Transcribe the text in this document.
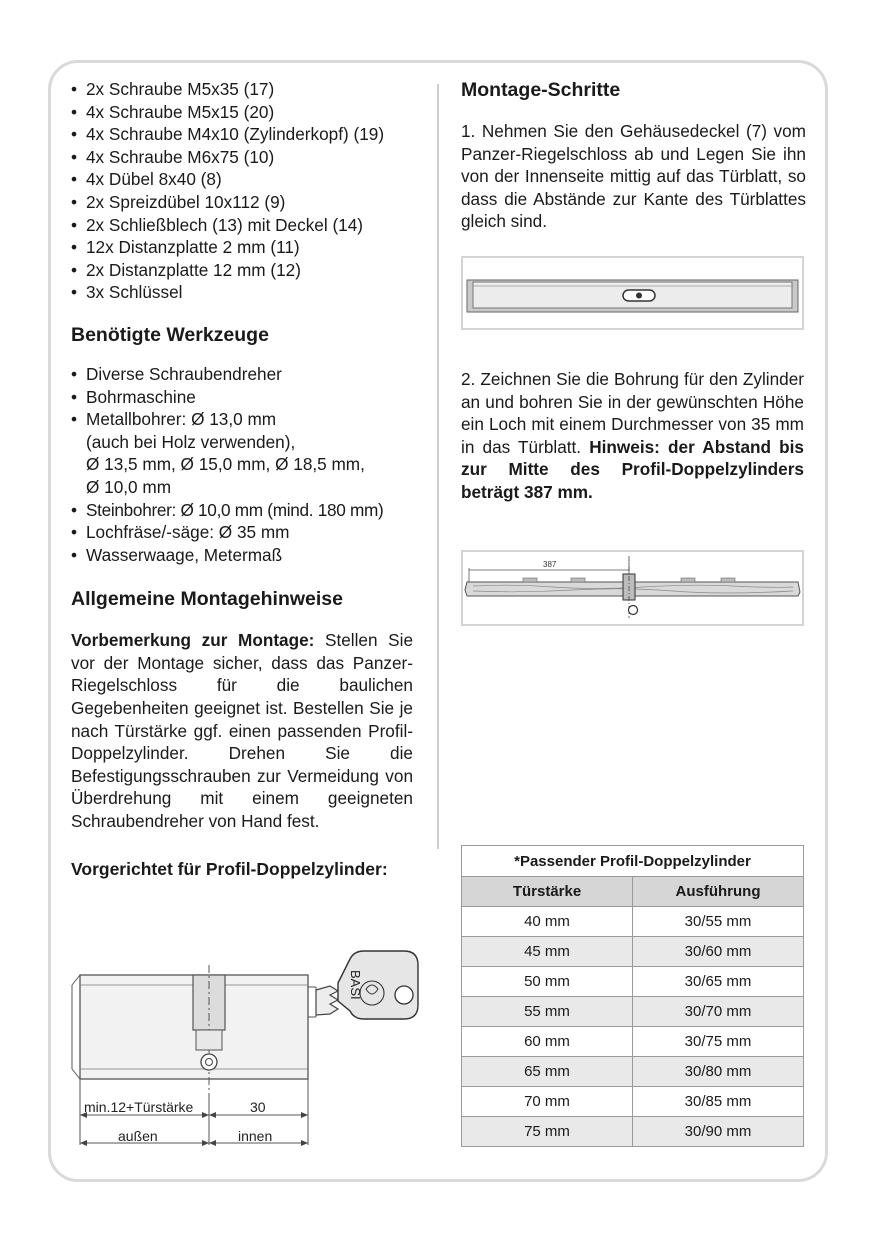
• 2x Schraube M5x35 (17)
• 4x Schraube M5x15 (20)
• 4x Schraube M4x10 (Zylinderkopf) (19)
• 4x Schraube M6x75 (10)
• 4x Dübel 8x40 (8)
• 2x Spreizdübel 10x112 (9)
• 2x Schließblech (13) mit Deckel (14)
• 12x Distanzplatte 2 mm (11)
• 2x Distanzplatte 12 mm (12)
• 3x Schlüssel
Benötigte Werkzeuge
• Diverse Schraubendreher
• Bohrmaschine
• Metallbohrer: Ø 13,0 mm
(auch bei Holz verwenden),
Ø 13,5 mm, Ø 15,0 mm, Ø 18,5 mm,
Ø 10,0 mm
• Steinbohrer: Ø 10,0 mm (mind. 180 mm)
• Lochfräse/-säge: Ø 35 mm
• Wasserwaage, Metermaß
Allgemeine Montagehinweise

Vorbemerkung zur Montage: Stellen Sie vor der Montage sicher, dass das Panzer-Riegelschloss für die baulichen Gegebenheiten geeignet ist. Bestellen Sie je nach Türstärke ggf. einen passenden Profil-Doppelzylinder. Drehen Sie die Befestigungsschrauben zur Vermeidung von Überdrehung mit einem geeigneten Schraubendreher von Hand fest.

Vorgerichtet für Profil-Doppelzylinder:
BASI
min.12+Türstärke	30
außen	innen
Montage-Schritte

1. Nehmen Sie den Gehäusedeckel (7) vom Panzer-Riegelschloss ab und Legen Sie ihn von der Innenseite mittig auf das Türblatt, so dass die Abstände zur Kante des Türblattes gleich sind.

2. Zeichnen Sie die Bohrung für den Zylinder an und bohren Sie in der gewünschten Höhe ein Loch mit einem Durchmesser von 35 mm in das Türblatt. Hinweis: der Abstand bis zur Mitte des Profil-Doppelzylinders beträgt 387 mm.

387
*Passender Profil-Doppelzylinder	
Türstärke	Ausführung
40 mm	30/55 mm
45 mm	30/60 mm
50 mm	30/65 mm
55 mm	30/70 mm
60 mm	30/75 mm
65 mm	30/80 mm
70 mm	30/85 mm
75 mm	30/90 mm
